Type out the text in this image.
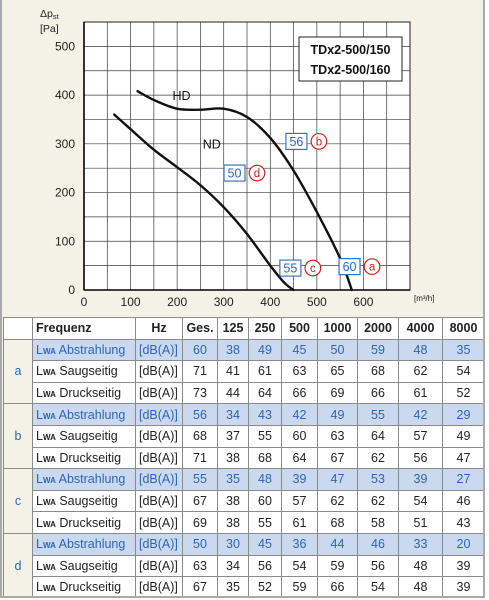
0	100 200 300 400 500 600
0
100
200
300
400
500
Δpst
[Pa]
[m³/h]
TDx2-500/150
TDx2-500/160
HD
ND	56 b
50 d
55 c 60 a
	Frequenz	Hz	Ges.	125	250	500	1000	2000	4000	8000
a	LWA Abstrahlung	[dB(A)]	60	38	49	45	50	59	48	35
	LWA Saugseitig	[dB(A)]	71	41	61	63	65	68	62	54
	LWA Druckseitig	[dB(A)]	73	44	64	66	69	66	61	52
b	LWA Abstrahlung	[dB(A)]	56	34	43	42	49	55	42	29
	LWA Saugseitig	[dB(A)]	68	37	55	60	63	64	57	49
	LWA Druckseitig	[dB(A)]	71	38	68	64	67	62	56	47
c	LWA Abstrahlung	[dB(A)]	55	35	48	39	47	53	39	27
	LWA Saugseitig	[dB(A)]	67	38	60	57	62	62	54	46
	LWA Druckseitig	[dB(A)]	69	38	55	61	68	58	51	43
d	LWA Abstrahlung	[dB(A)]	50	30	45	36	44	46	33	20
	LWA Saugseitig	[dB(A)]	63	34	56	54	59	56	48	39
	LWA Druckseitig	[dB(A)]	67	35	52	59	66	54	48	39
